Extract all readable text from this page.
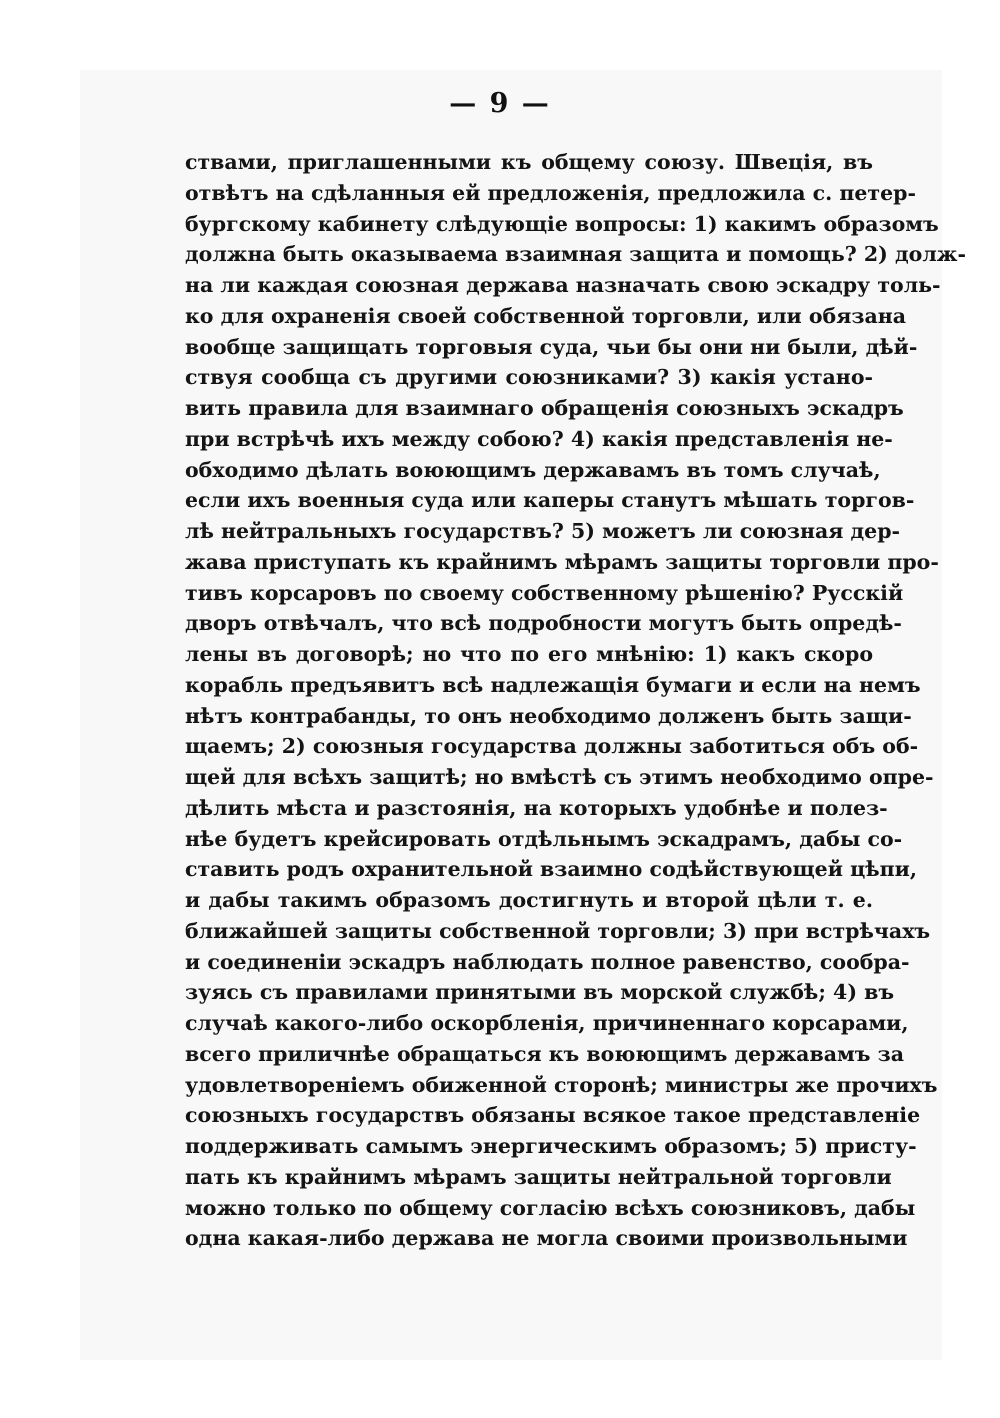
— 9 —
ствами, приглашенными къ общему союзу. Швеція, въ
отвѣтъ на сдѣланныя ей предложенія, предложила с. петер-
бургскому кабинету слѣдующіе вопросы: 1) какимъ образомъ
должна быть оказываема взаимная защита и помощь? 2) долж-
на ли каждая союзная держава назначать свою эскадру толь-
ко для охраненія своей собственной торговли, или обязана
вообще защищать торговыя суда, чьи бы они ни были, дѣй-
ствуя сообща съ другими союзниками? 3) какія устано-
вить правила для взаимнаго обращенія союзныхъ эскадръ
при встрѣчѣ ихъ между собою? 4) какія представленія не-
обходимо дѣлать воюющимъ державамъ въ томъ случаѣ,
если ихъ военныя суда или каперы станутъ мѣшать торгов-
лѣ нейтральныхъ государствъ? 5) можетъ ли союзная дер-
жава приступать къ крайнимъ мѣрамъ защиты торговли про-
тивъ корсаровъ по своему собственному рѣшенію? Русскій
дворъ отвѣчалъ, что всѣ подробности могутъ быть опредѣ-
лены въ договорѣ; но что по его мнѣнію: 1) какъ скоро
корабль предъявитъ всѣ надлежащія бумаги и если на немъ
нѣтъ контрабанды, то онъ необходимо долженъ быть защи-
щаемъ; 2) союзныя государства должны заботиться объ об-
щей для всѣхъ защитѣ; но вмѣстѣ съ этимъ необходимо опре-
дѣлить мѣста и разстоянія, на которыхъ удобнѣе и полез-
нѣе будетъ крейсировать отдѣльнымъ эскадрамъ, дабы со-
ставить родъ охранительной взаимно содѣйствующей цѣпи,
и дабы такимъ образомъ достигнуть и второй цѣли т. е.
ближайшей защиты собственной торговли; 3) при встрѣчахъ
и соединеніи эскадръ наблюдать полное равенство, сообра-
зуясь съ правилами принятыми въ морской службѣ; 4) въ
случаѣ какого-либо оскорбленія, причиненнаго корсарами,
всего приличнѣе обращаться къ воюющимъ державамъ за
удовлетвореніемъ обиженной сторонѣ; министры же прочихъ
союзныхъ государствъ обязаны всякое такое представленіе
поддерживать самымъ энергическимъ образомъ; 5) присту-
пать къ крайнимъ мѣрамъ защиты нейтральной торговли
можно только по общему согласію всѣхъ союзниковъ, дабы
одна какая-либо держава не могла своими произвольными
